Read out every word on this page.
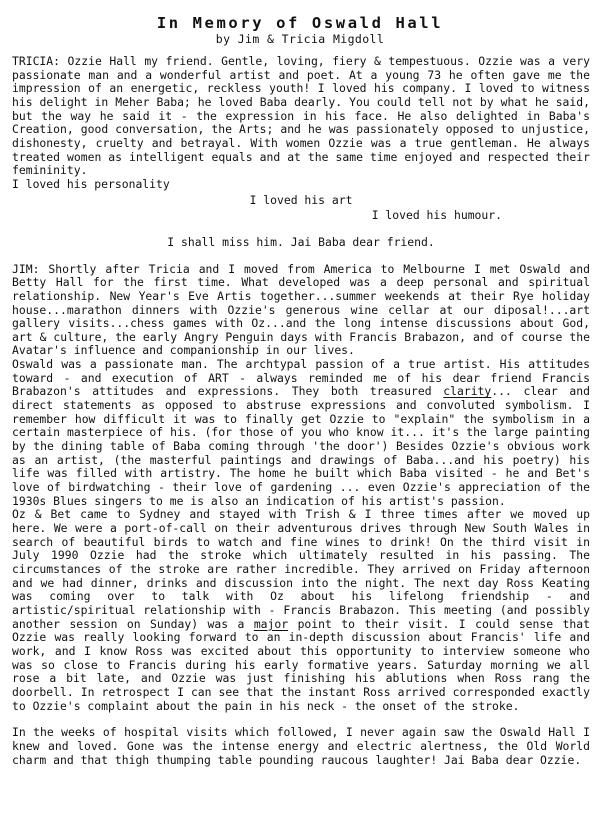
In Memory of Oswald Hall
by Jim & Tricia Migdoll

TRICIA: Ozzie Hall my friend. Gentle, loving, fiery & tempestuous. Ozzie was a very passionate man and a wonderful artist and poet. At a young 73 he often gave me the impression of an energetic, reckless youth! I loved his company. I loved to witness his delight in Meher Baba; he loved Baba dearly. You could tell not by what he said, but the way he said it - the expression in his face. He also delighted in Baba's Creation, good conversation, the Arts; and he was passionately opposed to unjustice, dishonesty, cruelty and betrayal. With women Ozzie was a true gentleman. He always treated women as intelligent equals and at the same time enjoyed and respected their femininity.

I loved his personality

I loved his art

I loved his humour.

I shall miss him. Jai Baba dear friend.

JIM: Shortly after Tricia and I moved from America to Melbourne I met Oswald and Betty Hall for the first time. What developed was a deep personal and spiritual relationship. New Year's Eve Artis together...summer weekends at their Rye holiday house...marathon dinners with Ozzie's generous wine cellar at our diposal!...art gallery visits...chess games with Oz...and the long intense discussions about God, art & culture, the early Angry Penguin days with Francis Brabazon, and of course the Avatar's influence and companionship in our lives.

Oswald was a passionate man. The archtypal passion of a true artist. His attitudes toward - and execution of ART - always reminded me of his dear friend Francis Brabazon's attitudes and expressions. They both treasured clarity... clear and direct statements as opposed to abstruse expressions and convoluted symbolism. I remember how difficult it was to finally get Ozzie to "explain" the symbolism in a certain masterpiece of his. (for those of you who know it... it's the large painting by the dining table of Baba coming through 'the door') Besides Ozzie's obvious work as an artist, (the masterful paintings and drawings of Baba...and his poetry) his life was filled with artistry. The home he built which Baba visited - he and Bet's love of birdwatching - their love of gardening ... even Ozzie's appreciation of the 1930s Blues singers to me is also an indication of his artist's passion.

Oz & Bet came to Sydney and stayed with Trish & I three times after we moved up here. We were a port-of-call on their adventurous drives through New South Wales in search of beautiful birds to watch and fine wines to drink! On the third visit in July 1990 Ozzie had the stroke which ultimately resulted in his passing. The circumstances of the stroke are rather incredible. They arrived on Friday afternoon and we had dinner, drinks and discussion into the night. The next day Ross Keating was coming over to talk with Oz about his lifelong friendship - and artistic/spiritual relationship with - Francis Brabazon. This meeting (and possibly another session on Sunday) was a major point to their visit. I could sense that Ozzie was really looking forward to an in-depth discussion about Francis' life and work, and I know Ross was excited about this opportunity to interview someone who was so close to Francis during his early formative years. Saturday morning we all rose a bit late, and Ozzie was just finishing his ablutions when Ross rang the doorbell. In retrospect I can see that the instant Ross arrived corresponded exactly to Ozzie's complaint about the pain in his neck - the onset of the stroke.

In the weeks of hospital visits which followed, I never again saw the Oswald Hall I knew and loved. Gone was the intense energy and electric alertness, the Old World charm and that thigh thumping table pounding raucous laughter! Jai Baba dear Ozzie.
